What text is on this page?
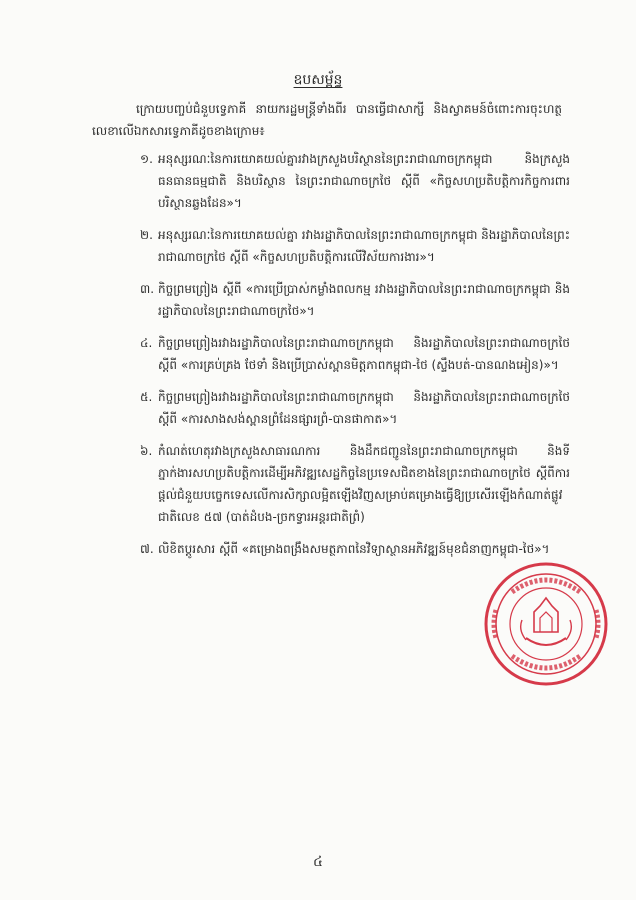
ឧបសម្ព័ន្ធ
ក្រោយបញ្ចប់ជំនួបទ្វេភាគី នាយករដ្ឋមន្ត្រីទាំងពីរ បានធ្វើជាសាក្សី និងស្វាគមន៍ចំពោះការចុះហត្ថលេខាលើឯកសារទ្វេភាគីដូចខាងក្រោម៖
១. អនុស្សរណៈនៃការយោគយល់គ្នារវាងក្រសួងបរិស្ថាននៃព្រះរាជាណាចក្រកម្ពុជា និងក្រសួងធនធានធម្មជាតិ និងបរិស្ថាន នៃព្រះរាជាណាចក្រថៃ ស្តីពី «កិច្ចសហប្រតិបត្តិការកិច្ចការពារបរិស្ថានឆ្លងដែន»។
២. អនុស្សរណៈនៃការយោគយល់គ្នា រវាងរដ្ឋាភិបាលនៃព្រះរាជាណាចក្រកម្ពុជា និងរដ្ឋាភិបាលនៃព្រះរាជាណាចក្រថៃ ស្តីពី «កិច្ចសហប្រតិបត្តិការលើវិស័យការងារ»។
៣. កិច្ចព្រមព្រៀង ស្តីពី «ការប្រើប្រាស់កម្លាំងពលកម្ម រវាងរដ្ឋាភិបាលនៃព្រះរាជាណាចក្រកម្ពុជា និងរដ្ឋាភិបាលនៃព្រះរាជាណាចក្រថៃ»។
៤. កិច្ចព្រមព្រៀងរវាងរដ្ឋាភិបាលនៃព្រះរាជាណាចក្រកម្ពុជា និងរដ្ឋាភិបាលនៃព្រះរាជាណាចក្រថៃ ស្តីពី «ការគ្រប់គ្រង ថែទាំ និងប្រើប្រាស់ស្ពានមិត្តភាពកម្ពុជា-ថៃ (ស្ទឹងបត់-បានណងអៀន)»។
៥. កិច្ចព្រមព្រៀងរវាងរដ្ឋាភិបាលនៃព្រះរាជាណាចក្រកម្ពុជា និងរដ្ឋាភិបាលនៃព្រះរាជាណាចក្រថៃ ស្តីពី «ការសាងសង់ស្ពានព្រំដែនផ្សារព្រំ-បានផាកាត»។
៦. កំណត់ហេតុរវាងក្រសួងសាធារណការ និងដឹកជញ្ជូននៃព្រះរាជាណាចក្រកម្ពុជា និងទីភ្នាក់ងារសហប្រតិបត្តិការដើម្បីអភិវឌ្ឍសេដ្ឋកិច្ចនៃប្រទេសជិតខាងនៃព្រះរាជាណាចក្រថៃ ស្តីពីការផ្តល់ជំនួយបច្ចេកទេសលើការសិក្សាលម្អិតឡើងវិញសម្រាប់គម្រោងធ្វើឱ្យប្រសើរឡើងកំណាត់ផ្លូវជាតិលេខ ៥៧ (បាត់ដំបង-ច្រកទ្វារអន្តរជាតិព្រំ)
៧. លិខិតប្តូរសារ ស្តីពី «គម្រោងពង្រឹងសមត្ថភាពនៃវិទ្យាស្ថានអភិវឌ្ឍន៍មុខជំនាញកម្ពុជា-ថៃ»។
៤
